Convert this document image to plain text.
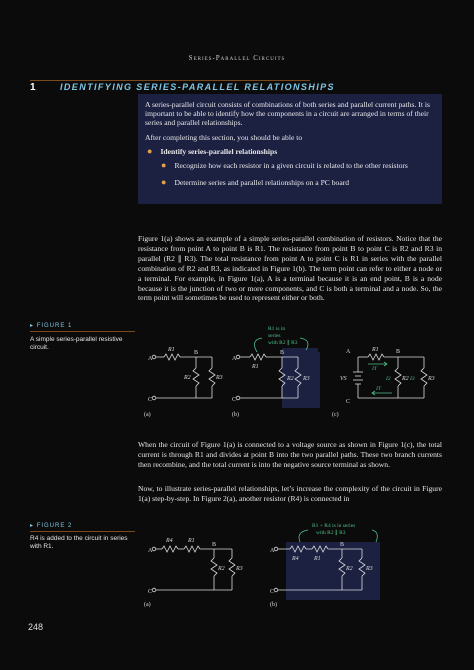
Series-Parallel Circuits
1	IDENTIFYING SERIES-PARALLEL RELATIONSHIPS

A series-parallel circuit consists of combinations of both series and parallel current paths. It is important to be able to identify how the components in a circuit are arranged in terms of their series and parallel relationships.

After completing this section, you should be able to

● Identify series-parallel relationships
● Recognize how each resistor in a given circuit is related to the other resistors
● Determine series and parallel relationships on a PC board
Figure 1(a) shows an example of a simple series-parallel combination of resistors. Notice that the resistance from point A to point B is R1. The resistance from point B to point C is R2 and R3 in parallel (R2 ∥ R3). The total resistance from point A to point C is R1 in series with the parallel combination of R2 and R3, as indicated in Figure 1(b). The term point can refer to either a node or a terminal. For example, in Figure 1(a), A is a terminal because it is an end point, B is a node because it is the junction of two or more components, and C is both a terminal and a node. So, the term point will sometimes be used to represent either or both.
▸ FIGURE 1
A simple series-parallel resistive circuit.
A
B
C
R1
R2	R3
A
C
B
R1
R2 R3
R1 is in
series
with R2 ∥ R3
A	B
C
R1
R2	R3
VS
IT
I2	I3
IT
(a)	(b)	(c)
When the circuit of Figure 1(a) is connected to a voltage source as shown in Figure 1(c), the total current is through R1 and divides at point B into the two parallel paths. These two branch currents then recombine, and the total current is into the negative source terminal as shown.
Now, to illustrate series-parallel relationships, let’s increase the complexity of the circuit in Figure 1(a) step-by-step. In Figure 2(a), another resistor (R4) is connected in
▸ FIGURE 2
R4 is added to the circuit in series with R1.
A
C
B
R4	R1
R2 R3
A
C
B
R4	R1
R2 R3
R1 + R4 is in series
with R2 ∥ R3
(a)	(b)
248
